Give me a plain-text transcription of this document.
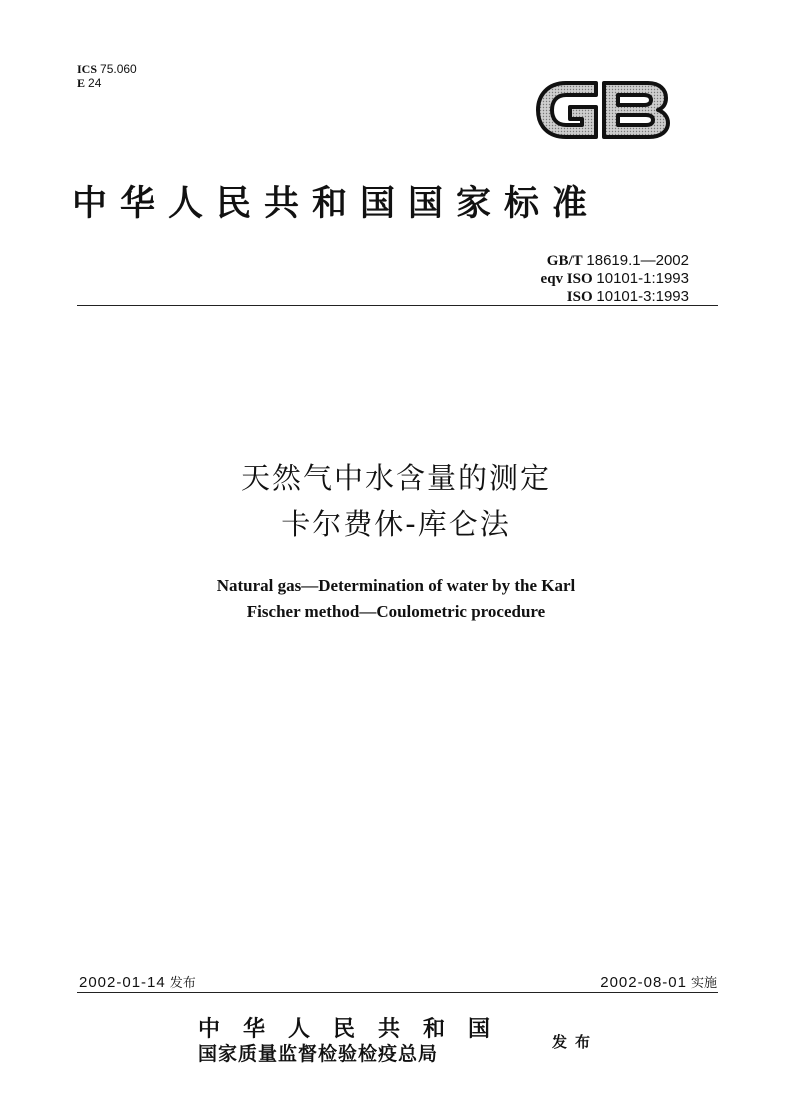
ICS 75.060
E 24
中华人民共和国国家标准
GB/T 18619.1—2002
eqv ISO 10101-1:1993
ISO 10101-3:1993
天然气中水含量的测定
卡尔费休-库仑法
Natural gas—Determination of water by the Karl
Fischer method—Coulometric procedure
2002-01-14 发布	2002-08-01 实施
中华人民共和国
国家质量监督检验检疫总局
发布
